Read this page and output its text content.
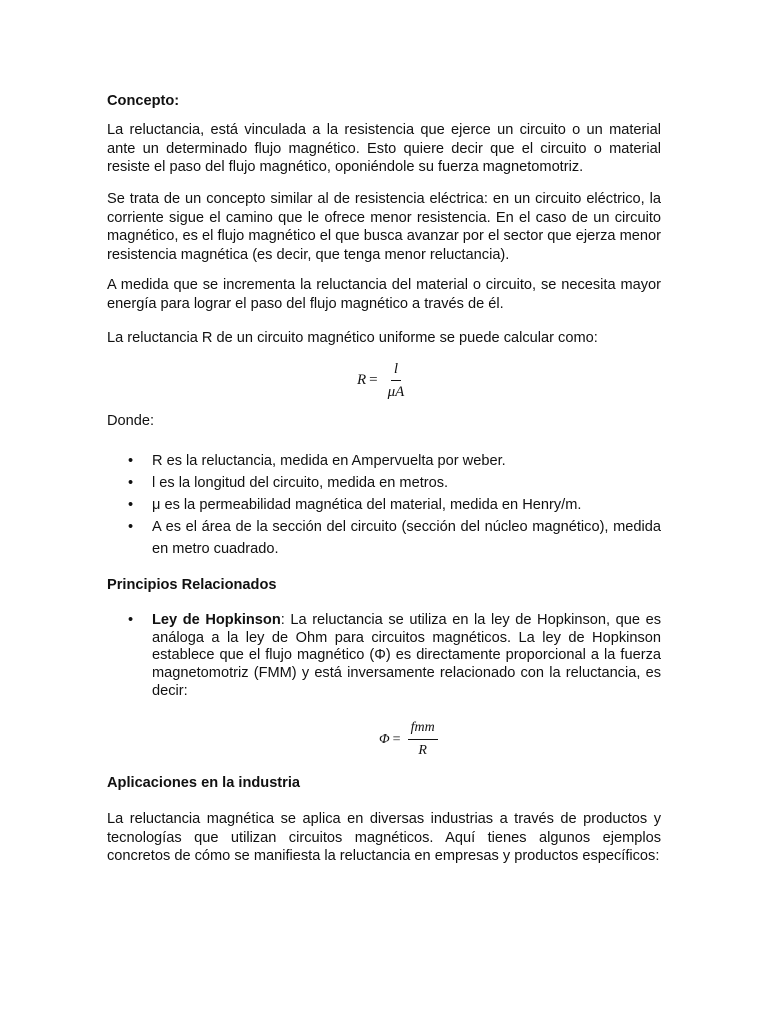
Concepto:

La reluctancia, está vinculada a la resistencia que ejerce un circuito o un material ante un determinado flujo magnético. Esto quiere decir que el circuito o material resiste el paso del flujo magnético, oponiéndole su fuerza magnetomotriz.

Se trata de un concepto similar al de resistencia eléctrica: en un circuito eléctrico, la corriente sigue el camino que le ofrece menor resistencia. En el caso de un circuito magnético, es el flujo magnético el que busca avanzar por el sector que ejerza menor resistencia magnética (es decir, que tenga menor reluctancia).

A medida que se incrementa la reluctancia del material o circuito, se necesita mayor energía para lograr el paso del flujo magnético a través de él.

La reluctancia R de un circuito magnético uniforme se puede calcular como:

$R = \frac{l}{\mu A}$

Donde:

• R es la reluctancia, medida en Ampervuelta por weber.
• l es la longitud del circuito, medida en metros.
• μ es la permeabilidad magnética del material, medida en Henry/m.
• A es el área de la sección del circuito (sección del núcleo magnético), medida en metro cuadrado.

Principios Relacionados

• Ley de Hopkinson: La reluctancia se utiliza en la ley de Hopkinson, que es análoga a la ley de Ohm para circuitos magnéticos. La ley de Hopkinson establece que el flujo magnético (Φ) es directamente proporcional a la fuerza magnetomotriz (FMM) y está inversamente relacionado con la reluctancia, es decir:
$\Phi = \frac{\text{fmm}}{R}$

Aplicaciones en la industria

La reluctancia magnética se aplica en diversas industrias a través de productos y tecnologías que utilizan circuitos magnéticos. Aquí tienes algunos ejemplos concretos de cómo se manifiesta la reluctancia en empresas y productos específicos:
